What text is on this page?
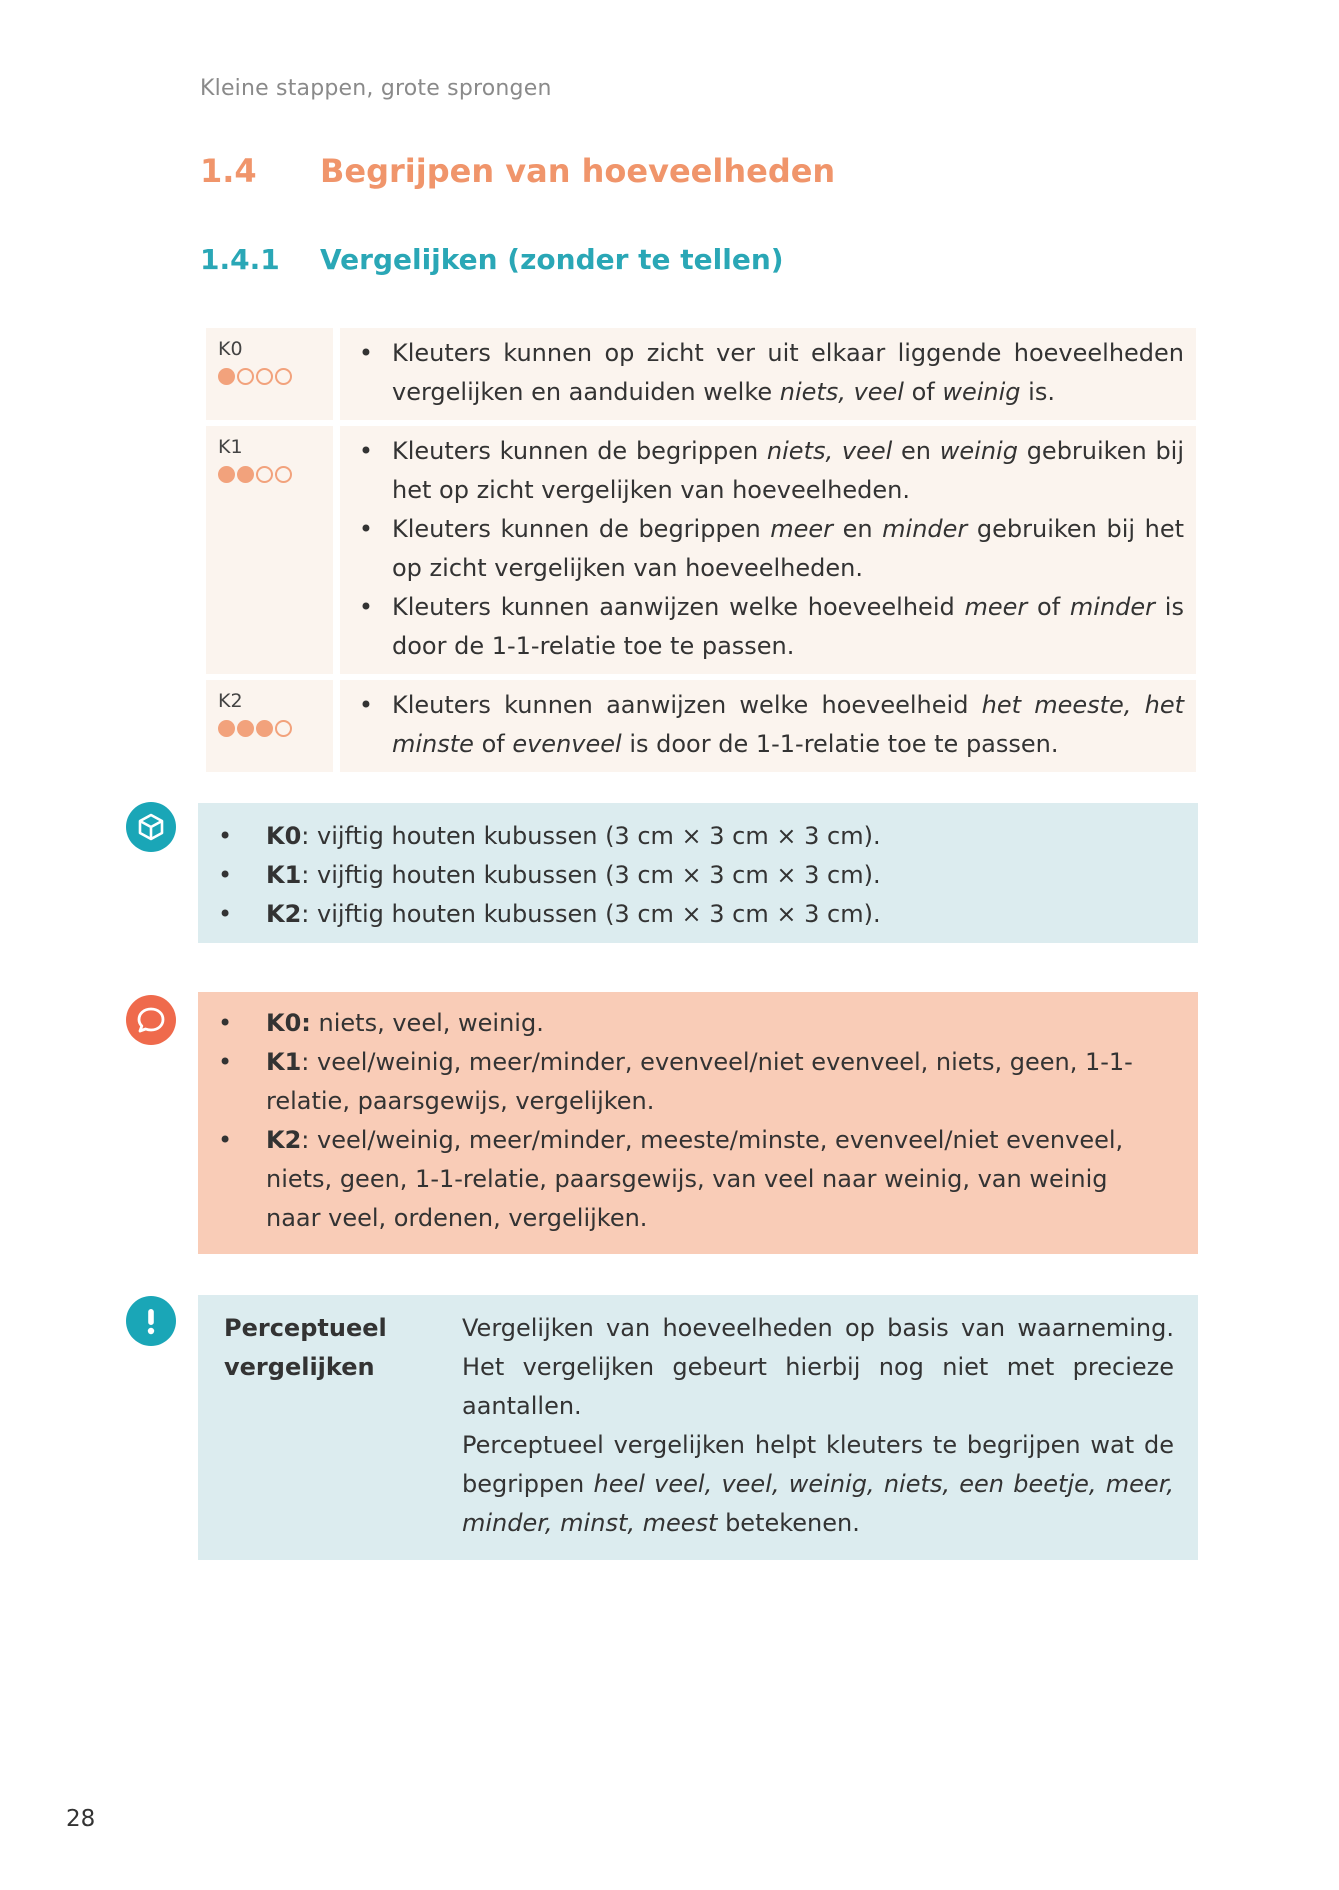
Kleine stappen, grote sprongen
1.4 Begrijpen van hoeveelheden
1.4.1 Vergelijken (zonder te tellen)
K0	• Kleuters kunnen op zicht ver uit elkaar liggende hoeveelheden vergelijken en aanduiden welke niets, veel of weinig is.
K1	• Kleuters kunnen de begrippen niets, veel en weinig gebruiken bij het op zicht vergelijken van hoeveelheden.
• Kleuters kunnen de begrippen meer en minder gebruiken bij het op zicht vergelijken van hoeveelheden.
• Kleuters kunnen aanwijzen welke hoeveelheid meer of minder is door de 1-1-relatie toe te passen.
K2	• Kleuters kunnen aanwijzen welke hoeveelheid het meeste, het minste of evenveel is door de 1-1-relatie toe te passen.
•	K0: vijftig houten kubussen (3 cm × 3 cm × 3 cm).
•	K1: vijftig houten kubussen (3 cm × 3 cm × 3 cm).
•	K2: vijftig houten kubussen (3 cm × 3 cm × 3 cm).
•	K0: niets, veel, weinig.
•	K1: veel/weinig, meer/minder, evenveel/niet evenveel, niets, geen, 1-1-relatie, paarsgewijs, vergelijken.
•	K2: veel/weinig, meer/minder, meeste/minste, evenveel/niet evenveel, niets, geen, 1-1-relatie, paarsgewijs, van veel naar weinig, van weinig naar veel, ordenen, vergelijken.
Perceptueel
vergelijken
Vergelijken van hoeveelheden op basis van waarneming. Het vergelijken gebeurt hierbij nog niet met precieze aantallen.
Perceptueel vergelijken helpt kleuters te begrijpen wat de begrippen heel veel, veel, weinig, niets, een beetje, meer, minder, minst, meest betekenen.
28
